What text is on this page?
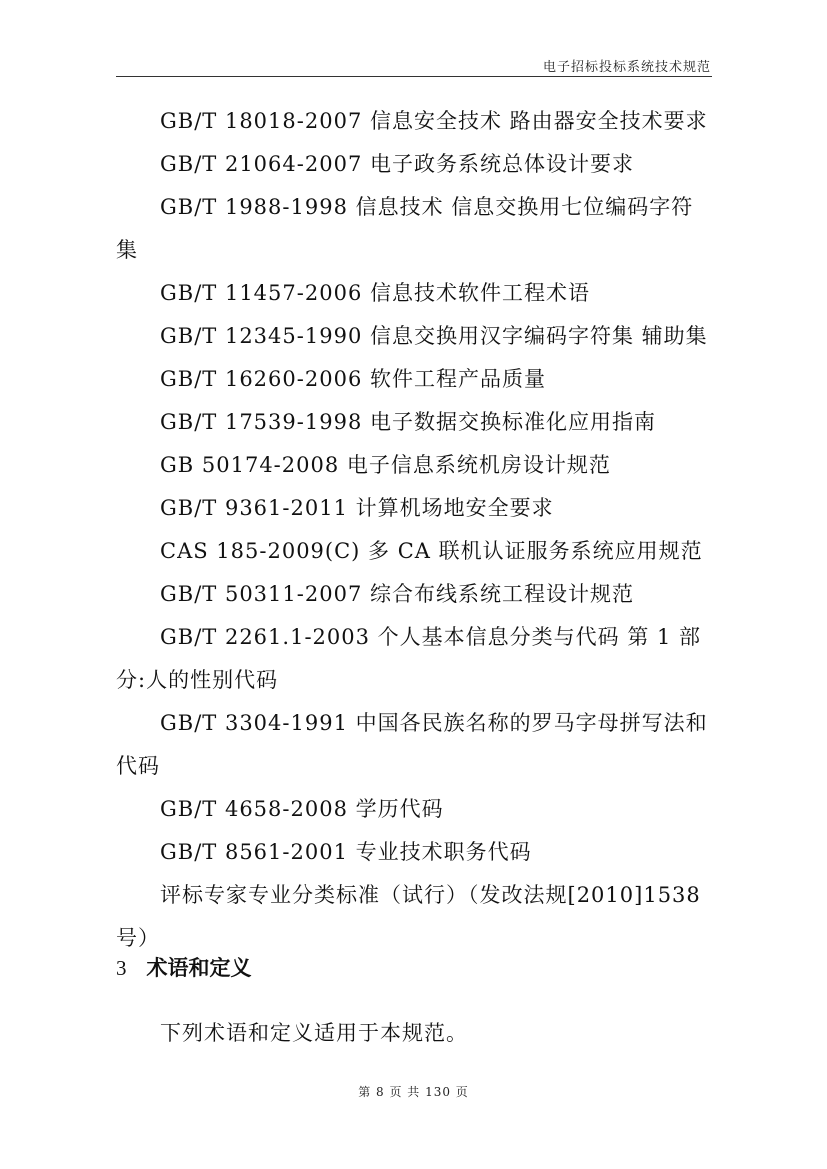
电子招标投标系统技术规范

GB/T 18018-2007 信息安全技术 路由器安全技术要求

GB/T 21064-2007 电子政务系统总体设计要求

GB/T 1988-1998 信息技术 信息交换用七位编码字符集

GB/T 11457-2006 信息技术软件工程术语

GB/T 12345-1990 信息交换用汉字编码字符集 辅助集

GB/T 16260-2006 软件工程产品质量

GB/T 17539-1998 电子数据交换标准化应用指南

GB 50174-2008 电子信息系统机房设计规范

GB/T 9361-2011 计算机场地安全要求

CAS 185-2009(C) 多 CA 联机认证服务系统应用规范

GB/T 50311-2007 综合布线系统工程设计规范

GB/T 2261.1-2003 个人基本信息分类与代码 第 1 部分:人的性别代码

GB/T 3304-1991 中国各民族名称的罗马字母拼写法和代码

GB/T 4658-2008 学历代码

GB/T 8561-2001 专业技术职务代码

评标专家专业分类标准（试行）（发改法规[2010]1538号）

3 术语和定义

下列术语和定义适用于本规范。

第 8 页 共 130 页
